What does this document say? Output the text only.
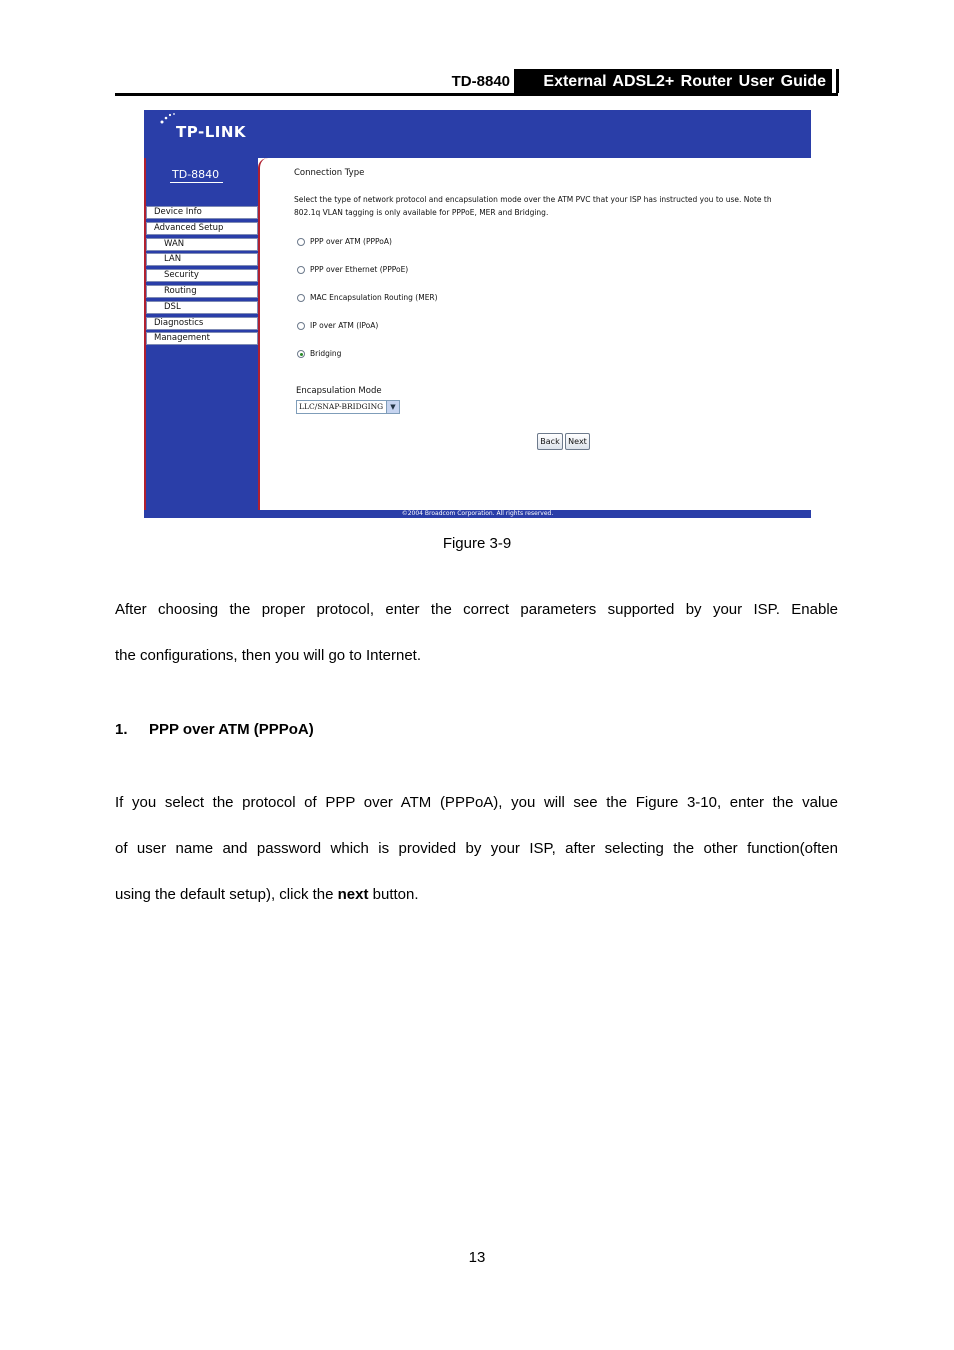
TD-8840	External ADSL2+ Router User Guide
TP-LINK
TD-8840
Device Info
Advanced Setup
WAN
LAN
Security
Routing
DSL
Diagnostics
Management
Connection Type
Select the type of network protocol and encapsulation mode over the ATM PVC that your ISP has instructed you to use. Note th
802.1q VLAN tagging is only available for PPPoE, MER and Bridging.
PPP over ATM (PPPoA)
PPP over Ethernet (PPPoE)
MAC Encapsulation Routing (MER)
IP over ATM (IPoA)
Bridging
Encapsulation Mode
LLC/SNAP-BRIDGING	▼
Back	Next
©2004 Broadcom Corporation. All rights reserved.
Figure 3-9
After choosing the proper protocol, enter the correct parameters supported by your ISP. Enable
the configurations, then you will go to Internet.
1. PPP over ATM (PPPoA)
If you select the protocol of PPP over ATM (PPPoA), you will see the Figure 3-10, enter the value
of user name and password which is provided by your ISP, after selecting the other function(often
using the default setup), click the next button.
13
